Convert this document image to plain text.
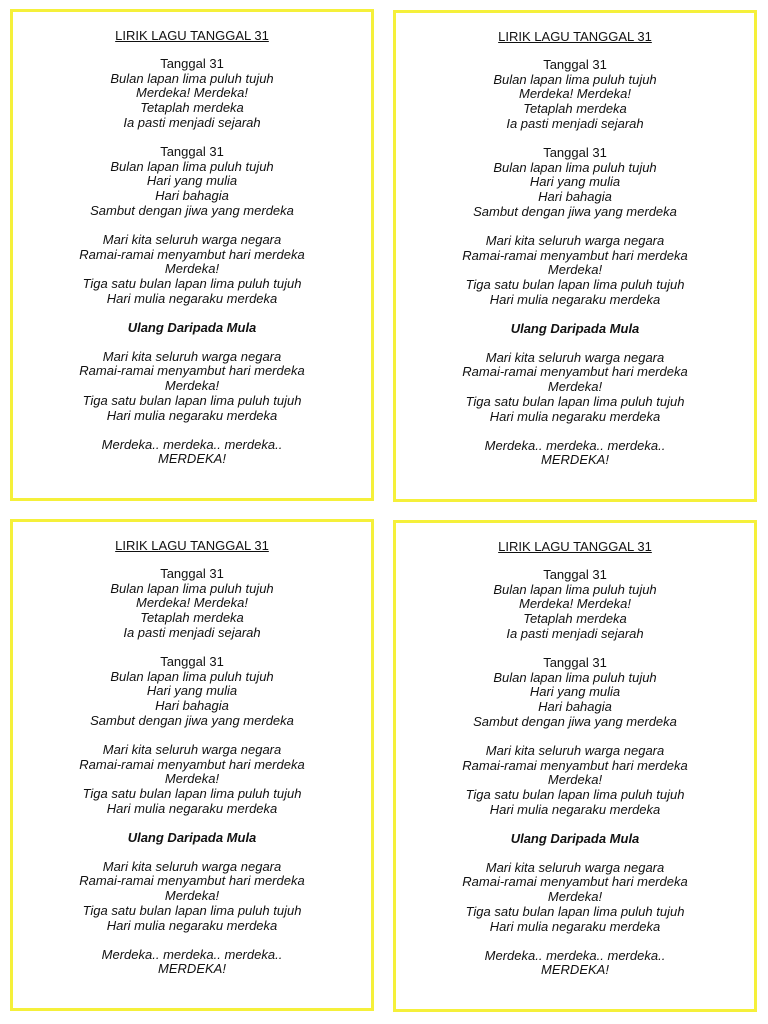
LIRIK LAGU TANGGAL 31
Tanggal 31
Bulan lapan lima puluh tujuh
Merdeka! Merdeka!
Tetaplah merdeka
Ia pasti menjadi sejarah
Tanggal 31
Bulan lapan lima puluh tujuh
Hari yang mulia
Hari bahagia
Sambut dengan jiwa yang merdeka
Mari kita seluruh warga negara
Ramai-ramai menyambut hari merdeka
Merdeka!
Tiga satu bulan lapan lima puluh tujuh
Hari mulia negaraku merdeka
Ulang Daripada Mula
Mari kita seluruh warga negara
Ramai-ramai menyambut hari merdeka
Merdeka!
Tiga satu bulan lapan lima puluh tujuh
Hari mulia negaraku merdeka
Merdeka.. merdeka.. merdeka..
MERDEKA!
LIRIK LAGU TANGGAL 31
Tanggal 31
Bulan lapan lima puluh tujuh
Merdeka! Merdeka!
Tetaplah merdeka
Ia pasti menjadi sejarah
Tanggal 31
Bulan lapan lima puluh tujuh
Hari yang mulia
Hari bahagia
Sambut dengan jiwa yang merdeka
Mari kita seluruh warga negara
Ramai-ramai menyambut hari merdeka
Merdeka!
Tiga satu bulan lapan lima puluh tujuh
Hari mulia negaraku merdeka
Ulang Daripada Mula
Mari kita seluruh warga negara
Ramai-ramai menyambut hari merdeka
Merdeka!
Tiga satu bulan lapan lima puluh tujuh
Hari mulia negaraku merdeka
Merdeka.. merdeka.. merdeka..
MERDEKA!
LIRIK LAGU TANGGAL 31
Tanggal 31
Bulan lapan lima puluh tujuh
Merdeka! Merdeka!
Tetaplah merdeka
Ia pasti menjadi sejarah
Tanggal 31
Bulan lapan lima puluh tujuh
Hari yang mulia
Hari bahagia
Sambut dengan jiwa yang merdeka
Mari kita seluruh warga negara
Ramai-ramai menyambut hari merdeka
Merdeka!
Tiga satu bulan lapan lima puluh tujuh
Hari mulia negaraku merdeka
Ulang Daripada Mula
Mari kita seluruh warga negara
Ramai-ramai menyambut hari merdeka
Merdeka!
Tiga satu bulan lapan lima puluh tujuh
Hari mulia negaraku merdeka
Merdeka.. merdeka.. merdeka..
MERDEKA!
LIRIK LAGU TANGGAL 31
Tanggal 31
Bulan lapan lima puluh tujuh
Merdeka! Merdeka!
Tetaplah merdeka
Ia pasti menjadi sejarah
Tanggal 31
Bulan lapan lima puluh tujuh
Hari yang mulia
Hari bahagia
Sambut dengan jiwa yang merdeka
Mari kita seluruh warga negara
Ramai-ramai menyambut hari merdeka
Merdeka!
Tiga satu bulan lapan lima puluh tujuh
Hari mulia negaraku merdeka
Ulang Daripada Mula
Mari kita seluruh warga negara
Ramai-ramai menyambut hari merdeka
Merdeka!
Tiga satu bulan lapan lima puluh tujuh
Hari mulia negaraku merdeka
Merdeka.. merdeka.. merdeka..
MERDEKA!
